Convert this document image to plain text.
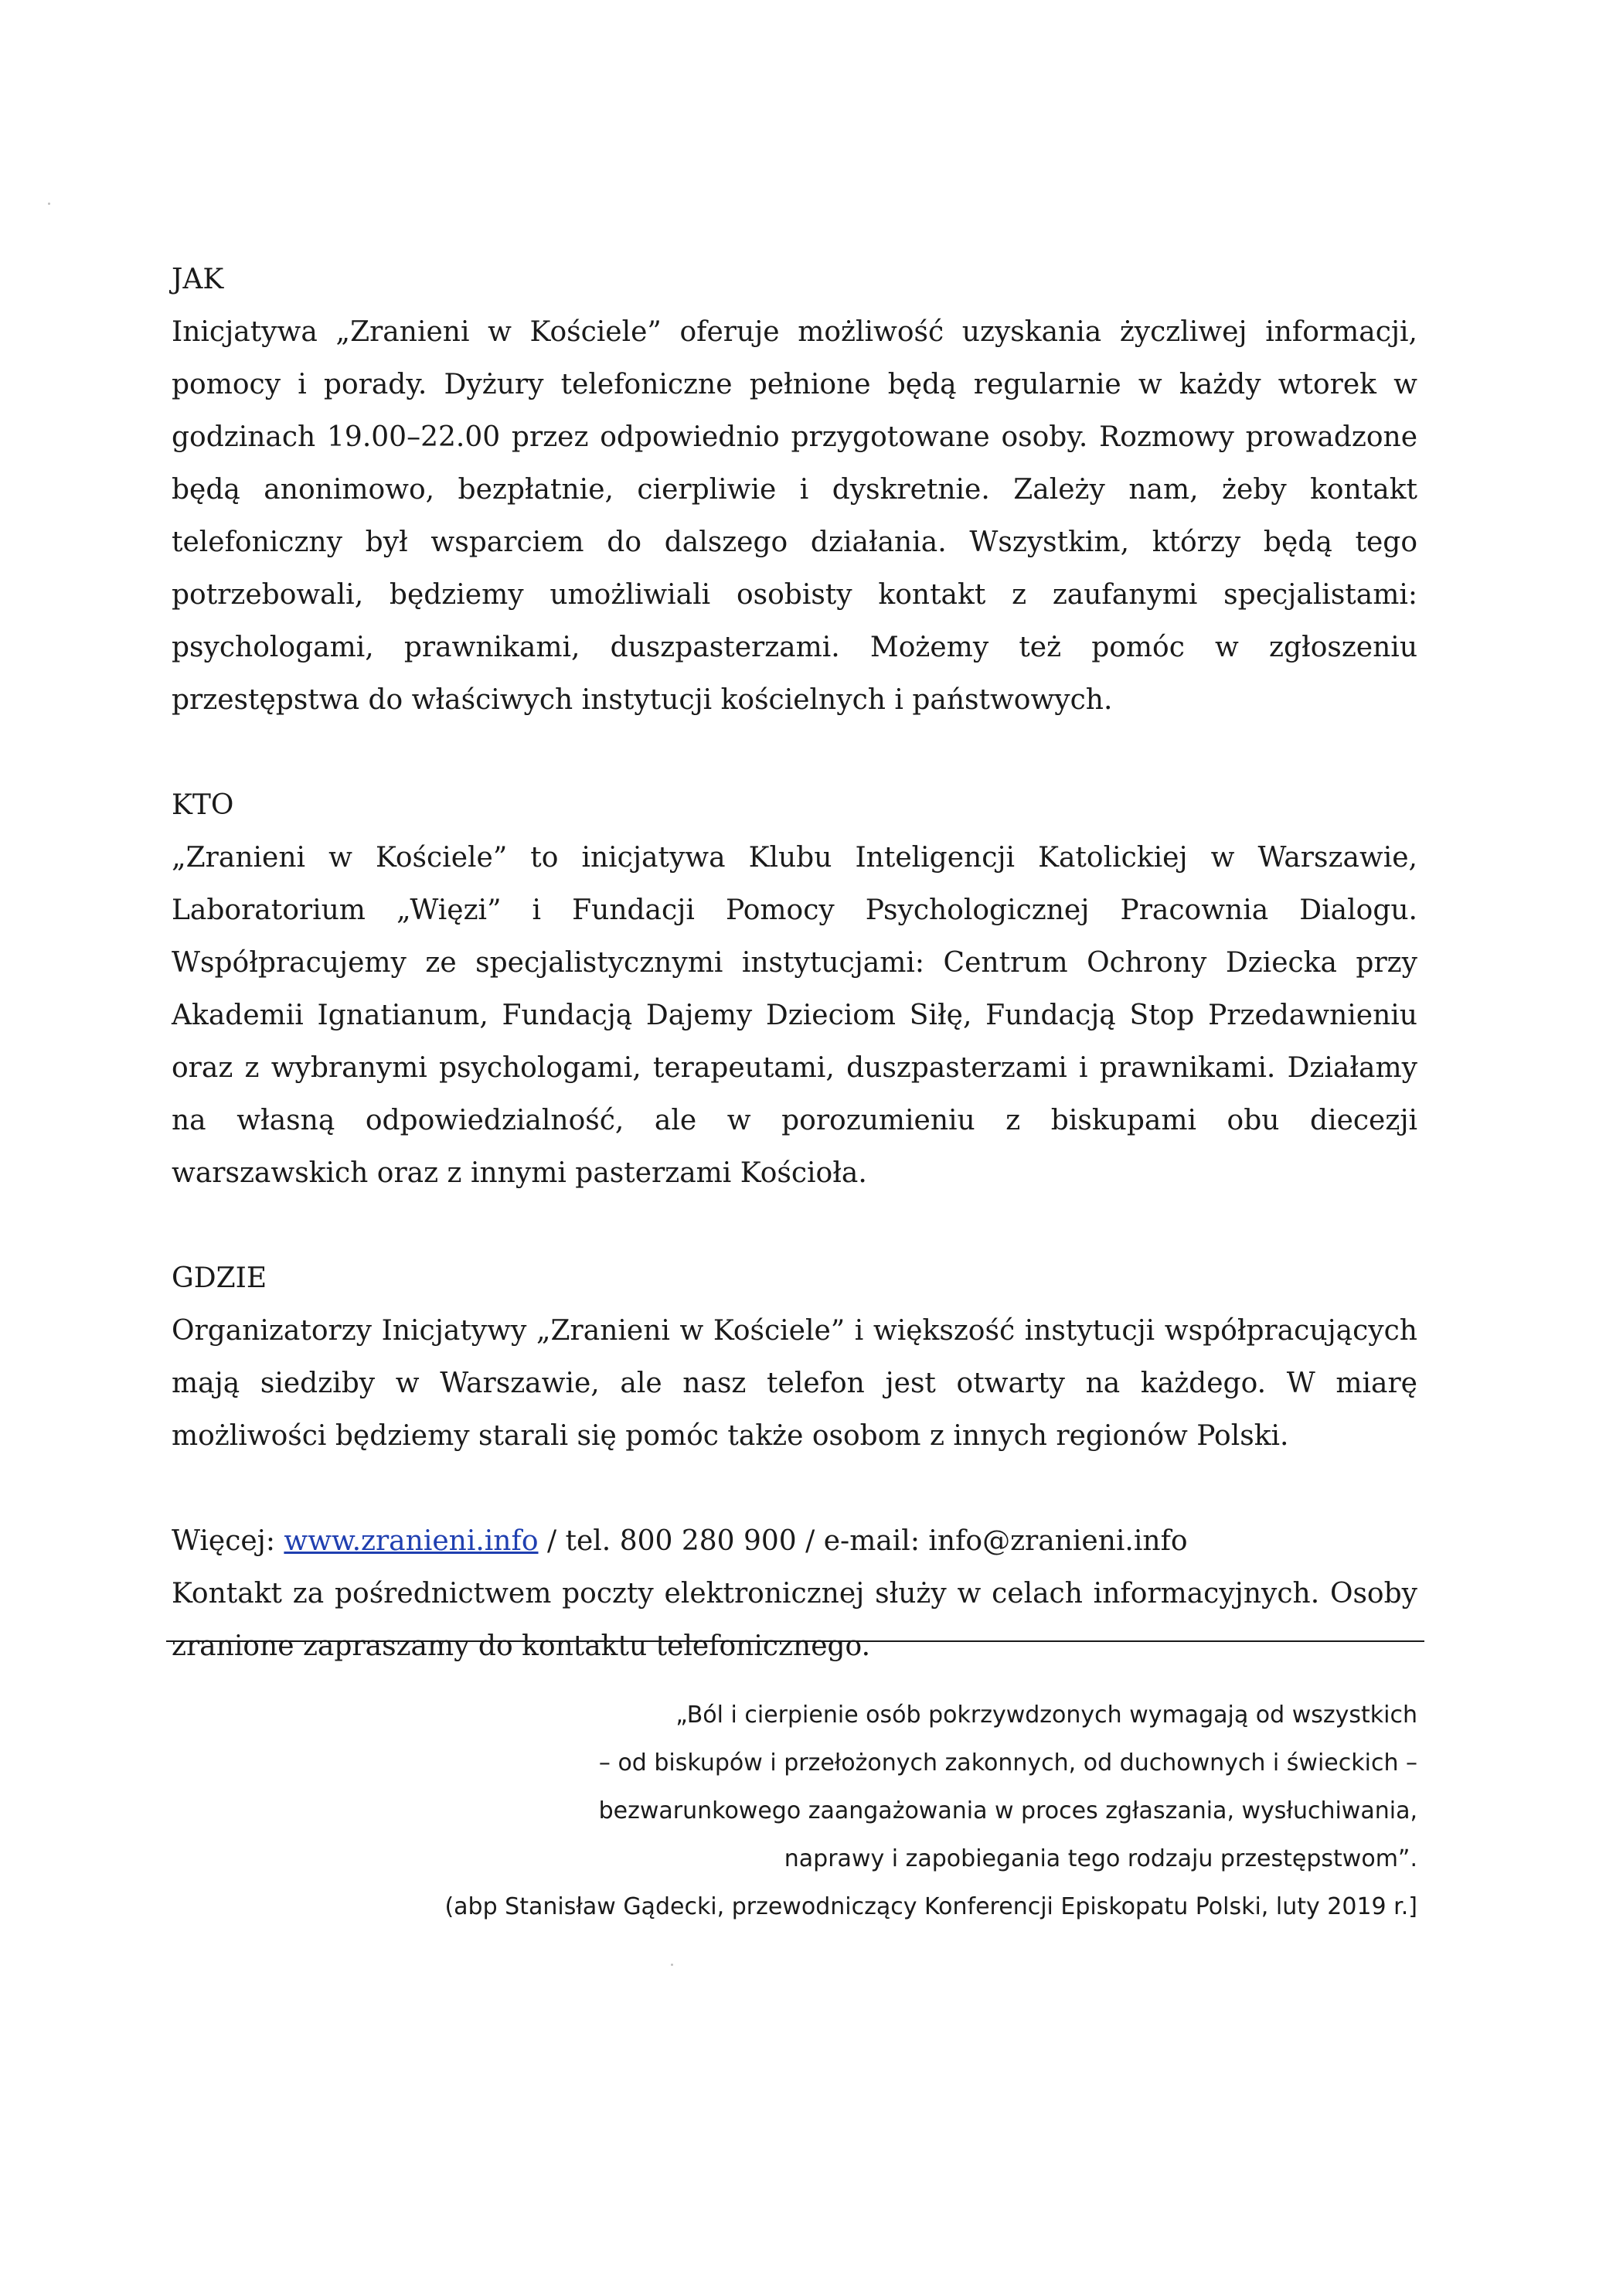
JAK

Inicjatywa „Zranieni w Kościele” oferuje możliwość uzyskania życzliwej informacji, pomocy i porady. Dyżury telefoniczne pełnione będą regularnie w każdy wtorek w godzinach 19.00–22.00 przez odpowiednio przygotowane osoby. Rozmowy prowadzone będą anonimowo, bezpłatnie, cierpliwie i dyskretnie. Zależy nam, żeby kontakt telefoniczny był wsparciem do dalszego działania. Wszystkim, którzy będą tego potrzebowali, będziemy umożliwiali osobisty kontakt z zaufanymi specjalistami: psychologami, prawnikami, duszpasterzami. Możemy też pomóc w zgłoszeniu przestępstwa do właściwych instytucji kościelnych i państwowych.

KTO

„Zranieni w Kościele” to inicjatywa Klubu Inteligencji Katolickiej w Warszawie, Laboratorium „Więzi” i Fundacji Pomocy Psychologicznej Pracownia Dialogu. Współpracujemy ze specjalistycznymi instytucjami: Centrum Ochrony Dziecka przy Akademii Ignatianum, Fundacją Dajemy Dzieciom Siłę, Fundacją Stop Przedawnieniu oraz z wybranymi psychologami, terapeutami, duszpasterzami i prawnikami. Działamy na własną odpowiedzialność, ale w porozumieniu z biskupami obu diecezji warszawskich oraz z innymi pasterzami Kościoła.

GDZIE

Organizatorzy Inicjatywy „Zranieni w Kościele” i większość instytucji współpracujących mają siedziby w Warszawie, ale nasz telefon jest otwarty na każdego. W miarę możliwości będziemy starali się pomóc także osobom z innych regionów Polski.

Więcej: www.zranieni.info / tel. 800 280 900 / e-mail: info@zranieni.info

Kontakt za pośrednictwem poczty elektronicznej służy w celach informacyjnych. Osoby zranione zapraszamy do kontaktu telefonicznego.

„Ból i cierpienie osób pokrzywdzonych wymagają od wszystkich

– od biskupów i przełożonych zakonnych, od duchownych i świeckich –

bezwarunkowego zaangażowania w proces zgłaszania, wysłuchiwania,

naprawy i zapobiegania tego rodzaju przestępstwom”.

(abp Stanisław Gądecki, przewodniczący Konferencji Episkopatu Polski, luty 2019 r.]
